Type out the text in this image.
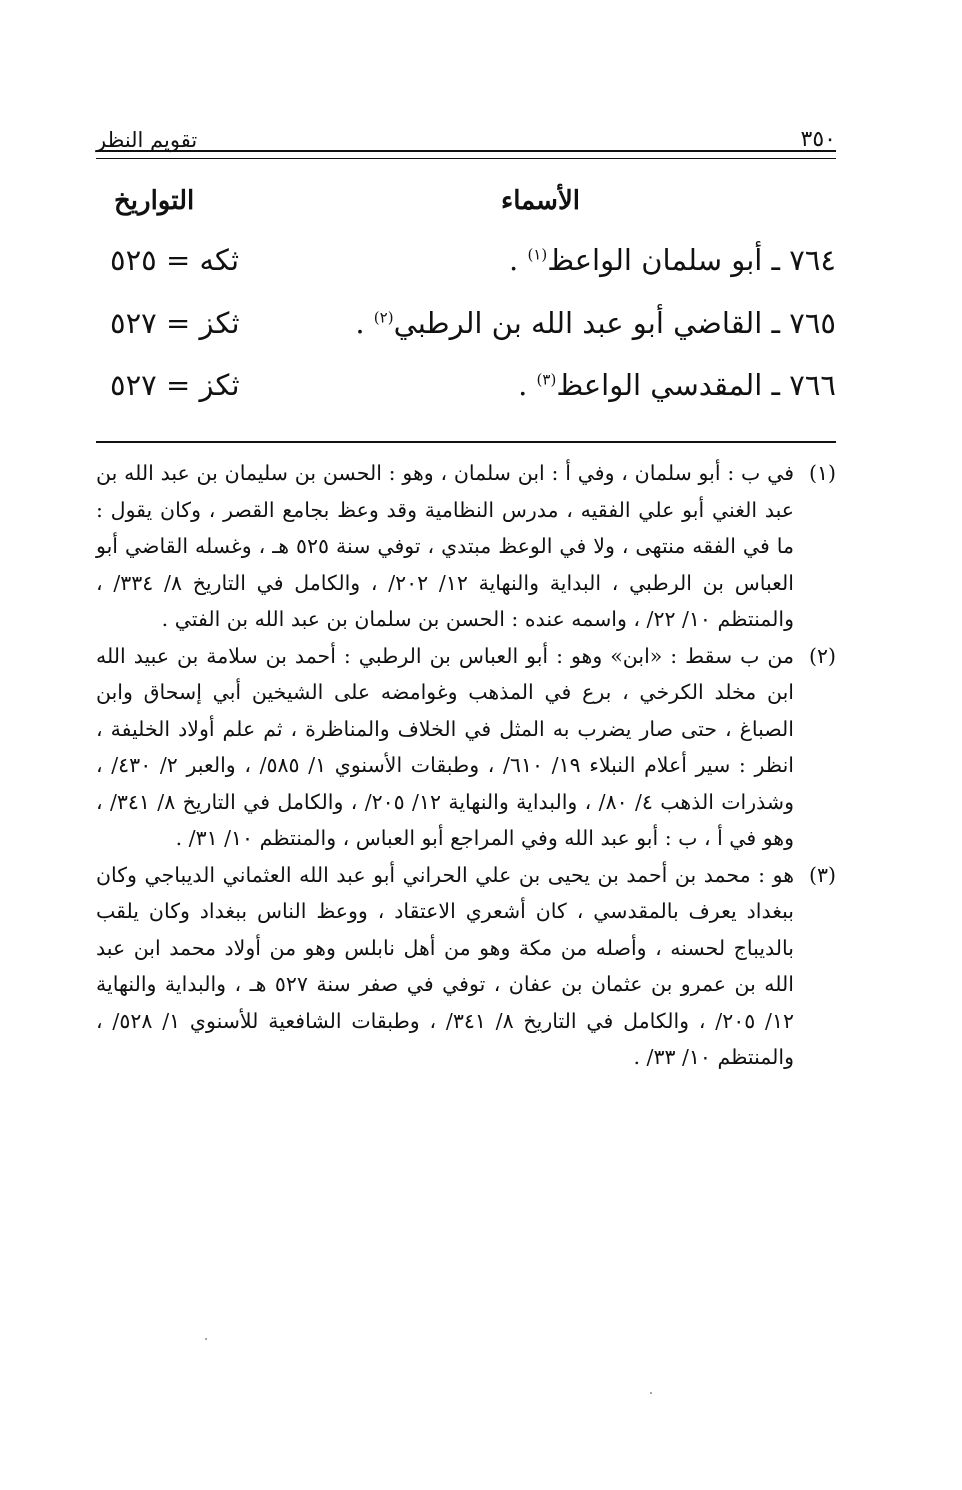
٣٥٠
تقويم النظر
الأسماء
التواريخ
٧٦٤ ـ أبو سلمان الواعظ$^{(١)}$ .
ثكه = ٥٢٥
٧٦٥ ـ القاضي أبو عبد الله بن الرطبي$^{(٢)}$ .
ثكز = ٥٢٧
٧٦٦ ـ المقدسي الواعظ$^{(٣)}$ .
ثكز = ٥٢٧
(١)
في ب : أبو سلمان ، وفي أ : ابن سلمان ، وهو : الحسن بن سليمان بن عبد الله بن عبد الغني أبو علي الفقيه ، مدرس النظامية وقد وعظ بجامع القصر ، وكان يقول : ما في الفقه منتهى ، ولا في الوعظ مبتدي ، توفي سنة ٥٢٥ هـ ، وغسله القاضي أبو العباس بن الرطبي ، البداية والنهاية ١٢/ ٢٠٢/ ، والكامل في التاريخ ٨/ ٣٣٤/ ، والمنتظم ١٠/ ٢٢/ ، واسمه عنده : الحسن بن سلمان بن عبد الله بن الفتي .
(٢)
من ب سقط : «ابن» وهو : أبو العباس بن الرطبي : أحمد بن سلامة بن عبيد الله ابن مخلد الكرخي ، برع في المذهب وغوامضه على الشيخين أبي إسحاق وابن الصباغ ، حتى صار يضرب به المثل في الخلاف والمناظرة ، ثم علم أولاد الخليفة ، انظر : سير أعلام النبلاء ١٩/ ٦١٠/ ، وطبقات الأسنوي ١/ ٥٨٥/ ، والعبر ٢/ ٤٣٠/ ، وشذرات الذهب ٤/ ٨٠/ ، والبداية والنهاية ١٢/ ٢٠٥/ ، والكامل في التاريخ ٨/ ٣٤١/ ، وهو في أ ، ب : أبو عبد الله وفي المراجع أبو العباس ، والمنتظم ١٠/ ٣١/ .
(٣)
هو : محمد بن أحمد بن يحيى بن علي الحراني أبو عبد الله العثماني الديباجي وكان ببغداد يعرف بالمقدسي ، كان أشعري الاعتقاد ، ووعظ الناس ببغداد وكان يلقب بالديباج لحسنه ، وأصله من مكة وهو من أهل نابلس وهو من أولاد محمد ابن عبد الله بن عمرو بن عثمان بن عفان ، توفي في صفر سنة ٥٢٧ هـ ، والبداية والنهاية ١٢/ ٢٠٥/ ، والكامل في التاريخ ٨/ ٣٤١/ ، وطبقات الشافعية للأسنوي ١/ ٥٢٨/ ، والمنتظم ١٠/ ٣٣/ .
